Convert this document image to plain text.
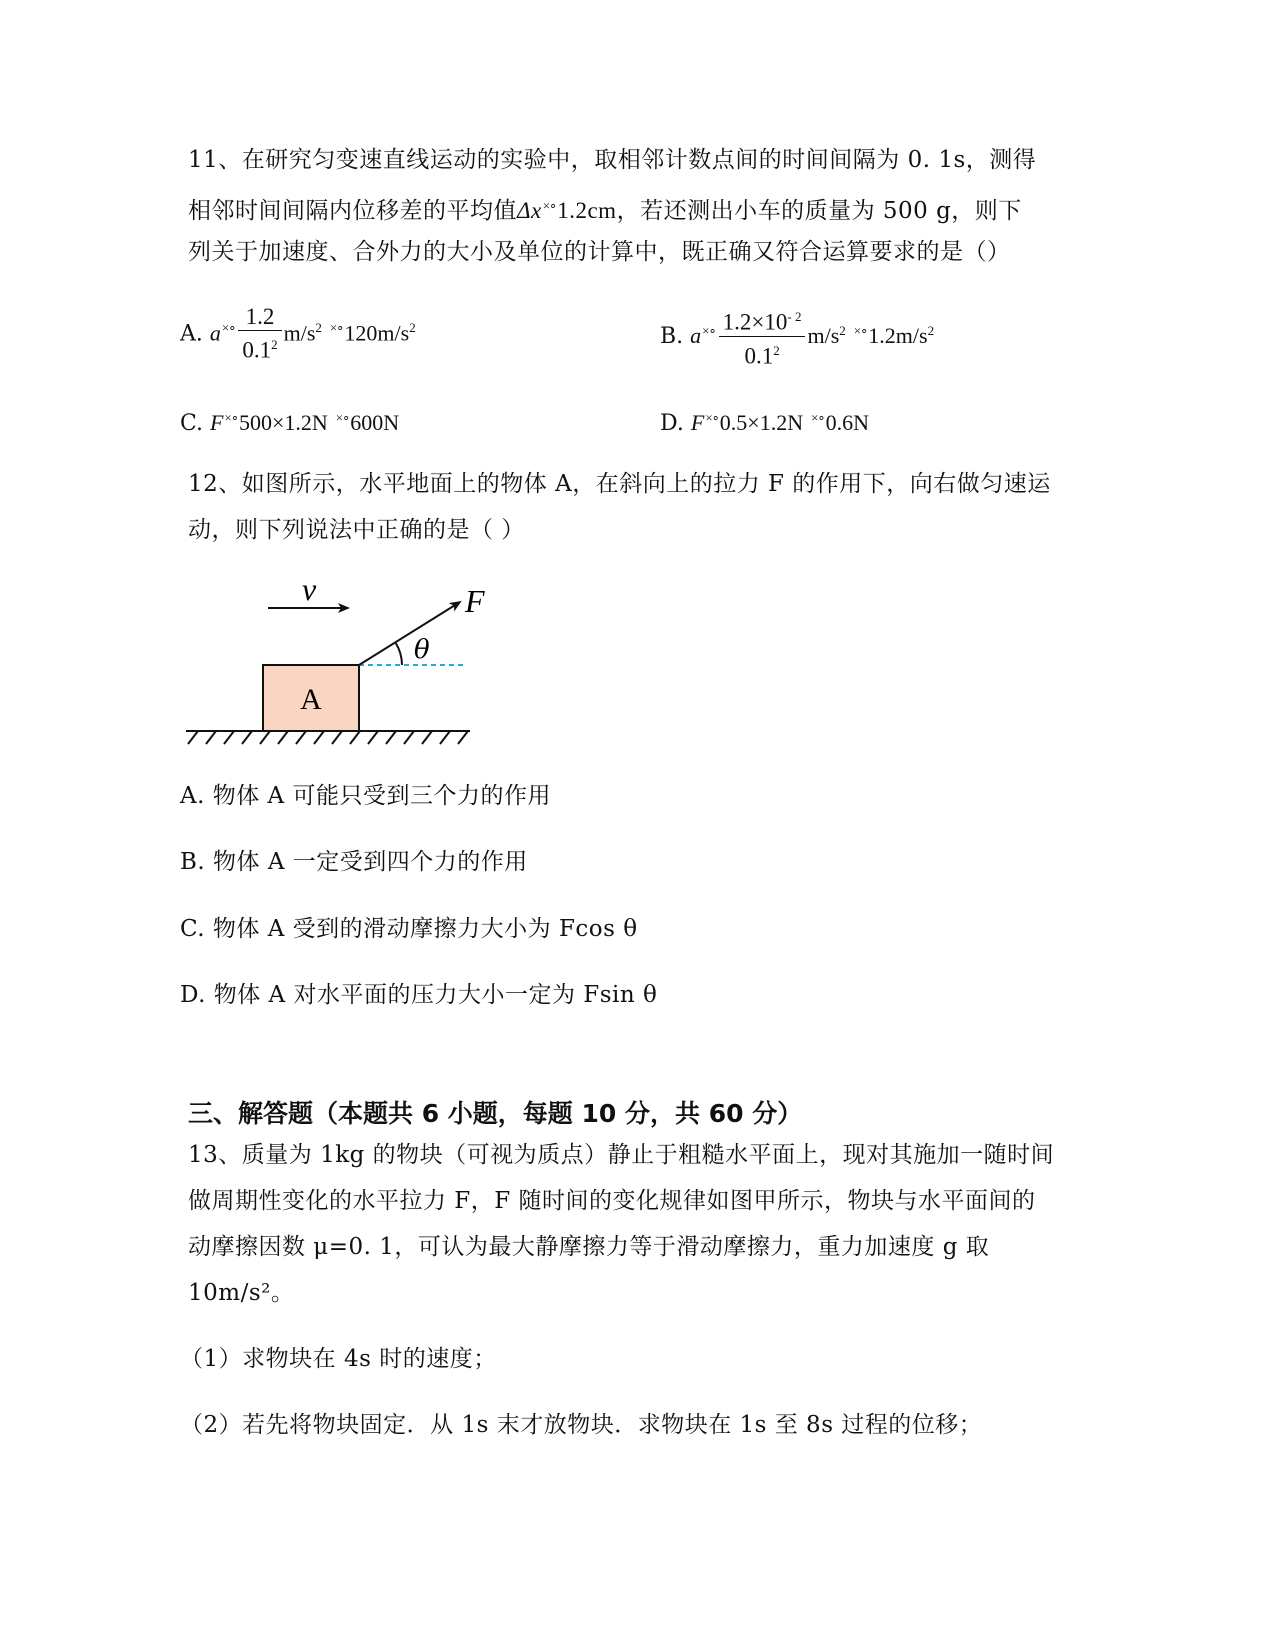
11、在研究匀变速直线运动的实验中，取相邻计数点间的时间间隔为 0. 1s，测得
相邻时间间隔内位移差的平均值Δx×∘1.2cm，若还测出小车的质量为 500 g，则下
列关于加速度、合外力的大小及单位的计算中，既正确又符合运算要求的是（）
A. $a^{\times\circ} \frac{1.2}{0.1^2} m/s^2$ $^{\times\circ}120m/s^2$	B. $a^{\times\circ} \frac{1.2\times 10^{- 2}}{0.1^2} m/s^2$ $^{\times\circ}1.2m/s^2$
C. F×∘500×1.2N ×∘600N	D. F×∘0.5×1.2N ×∘0.6N
12、如图所示，水平地面上的物体 A，在斜向上的拉力 F 的作用下，向右做匀速运
动，则下列说法中正确的是（ ）
v
A
θ
F
A. 物体 A 可能只受到三个力的作用
B. 物体 A 一定受到四个力的作用
C. 物体 A 受到的滑动摩擦力大小为 Fcos θ
D. 物体 A 对水平面的压力大小一定为 Fsin θ
三、解答题（本题共 6 小题，每题 10 分，共 60 分）
13、质量为 1kg 的物块（可视为质点）静止于粗糙水平面上，现对其施加一随时间
做周期性变化的水平拉力 F，F 随时间的变化规律如图甲所示，物块与水平面间的
动摩擦因数 μ=0. 1，可认为最大静摩擦力等于滑动摩擦力，重力加速度 g 取
10m/s²。
（1）求物块在 4s 时的速度；
（2）若先将物块固定．从 1s 末才放物块．求物块在 1s 至 8s 过程的位移；
